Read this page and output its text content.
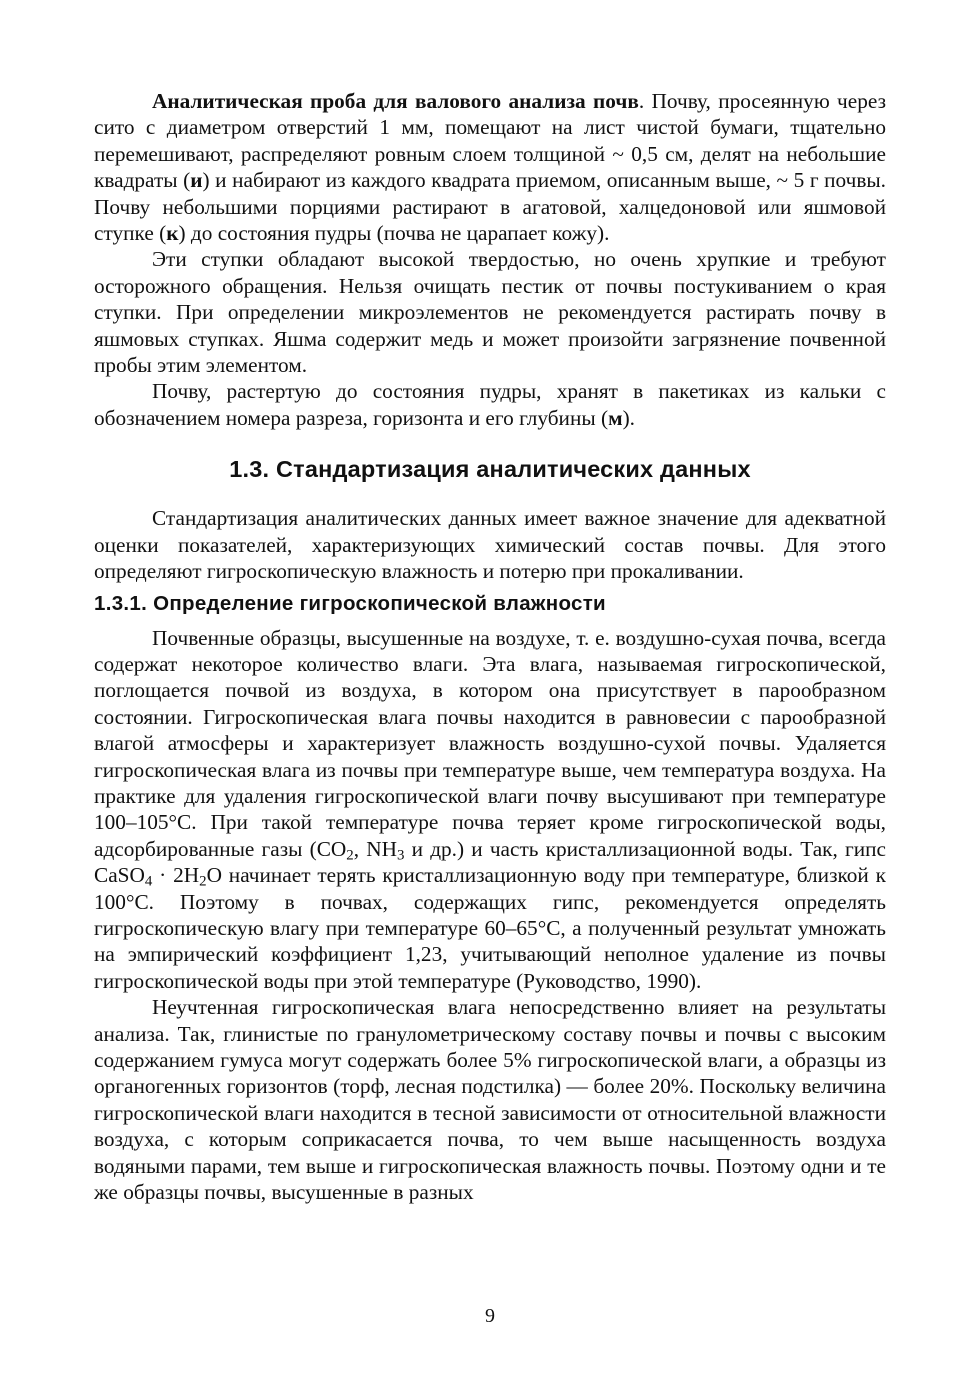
Аналитическая проба для валового анализа почв. Почву, просеянную через сито с диаметром отверстий 1 мм, помещают на лист чистой бумаги, тщательно перемешивают, распределяют ровным слоем толщиной ~ 0,5 см, делят на небольшие квадраты (и) и набирают из каждого квадрата приемом, описанным выше, ~ 5 г почвы. Почву небольшими порциями растирают в агатовой, халцедоновой или яшмовой ступке (к) до состояния пудры (почва не царапает кожу).

Эти ступки обладают высокой твердостью, но очень хрупкие и требуют осторожного обращения. Нельзя очищать пестик от почвы постукиванием о края ступки. При определении микроэлементов не рекомендуется растирать почву в яшмовых ступках. Яшма содержит медь и может произойти загрязнение почвенной пробы этим элементом.

Почву, растертую до состояния пудры, хранят в пакетиках из кальки с обозначением номера разреза, горизонта и его глубины (м).

1.3. Стандартизация аналитических данных

Стандартизация аналитических данных имеет важное значение для адекватной оценки показателей, характеризующих химический состав почвы. Для этого определяют гигроскопическую влажность и потерю при прокаливании.

1.3.1. Определение гигроскопической влажности

Почвенные образцы, высушенные на воздухе, т. е. воздушно-сухая почва, всегда содержат некоторое количество влаги. Эта влага, называемая гигроскопической, поглощается почвой из воздуха, в котором она присутствует в парообразном состоянии. Гигроскопическая влага почвы находится в равновесии с парообразной влагой атмосферы и характеризует влажность воздушно-сухой почвы. Удаляется гигроскопическая влага из почвы при температуре выше, чем температура воздуха. На практике для удаления гигроскопической влаги почву высушивают при температуре 100–105°С. При такой температуре почва теряет кроме гигроскопической воды, адсорбированные газы ($CO_2$, $NH_3$ и др.) и часть кристаллизационной воды. Так, гипс CaSO$_4$ · $2H_2O$ начинает терять кристаллизационную воду при температуре, близкой к 100°С. Поэтому в почвах, содержащих гипс, рекомендуется определять гигроскопическую влагу при температуре 60–65°С, а полученный результат умножать на эмпирический коэффициент 1,23, учитывающий неполное удаление из почвы гигроскопической воды при этой температуре (Руководство, 1990).

Неучтенная гигроскопическая влага непосредственно влияет на результаты анализа. Так, глинистые по гранулометрическому составу почвы и почвы с высоким содержанием гумуса могут содержать более 5% гигроскопической влаги, а образцы из органогенных горизонтов (торф, лесная подстилка) — более 20%. Поскольку величина гигроскопической влаги находится в тесной зависимости от относительной влажности воздуха, с которым соприкасается почва, то чем выше насыщенность воздуха водяными парами, тем выше и гигроскопическая влажность почвы. Поэтому одни и те же образцы почвы, высушенные в разных

9
